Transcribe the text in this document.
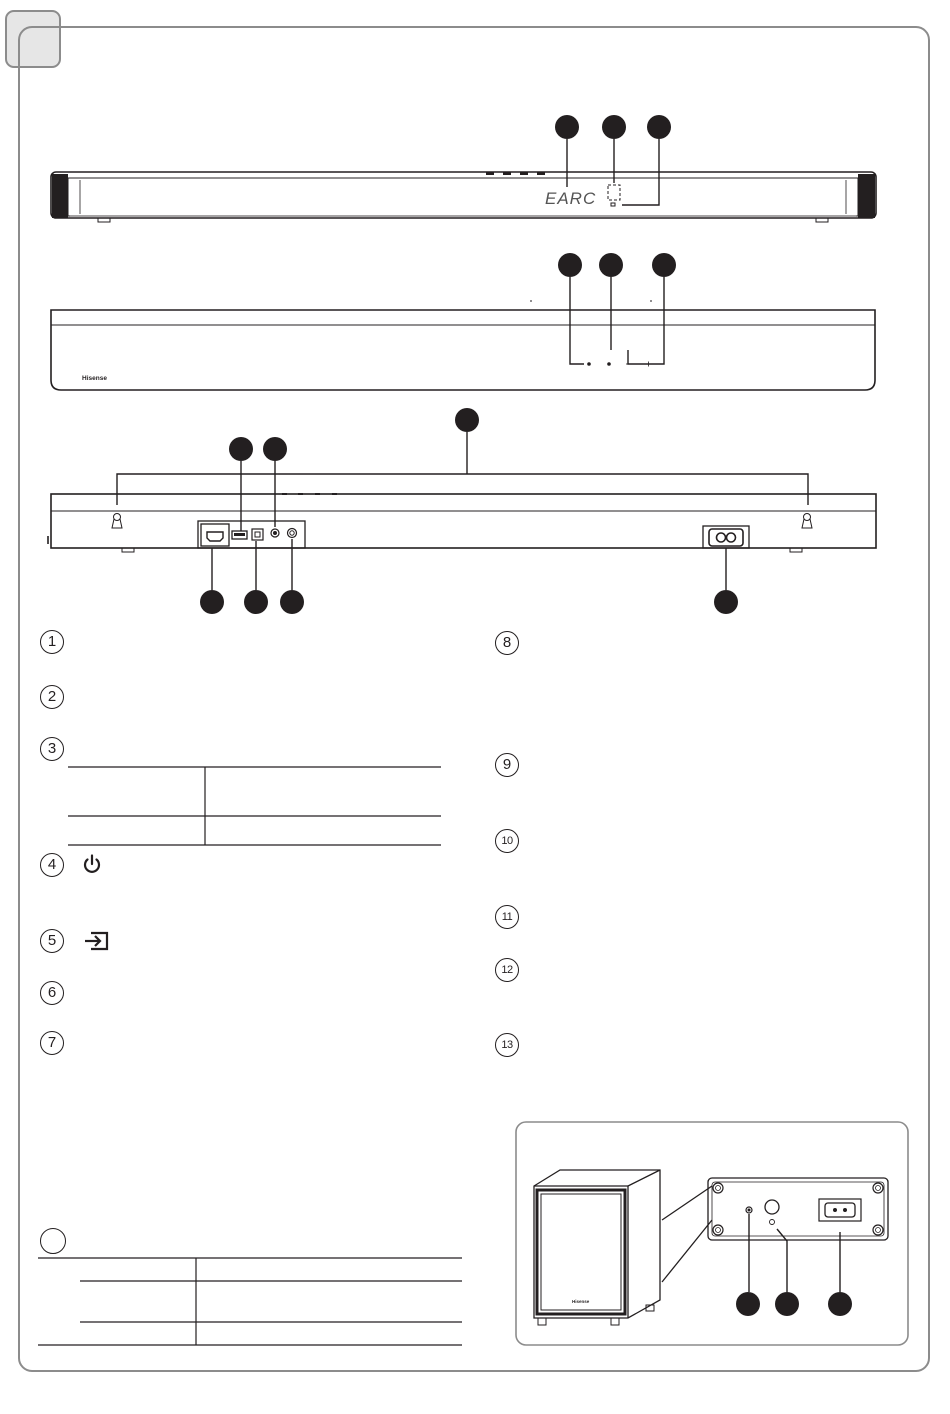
EARC
Hisense
Hisense
1
2
3
4
5
6
7
8
9
10
11
12
13
